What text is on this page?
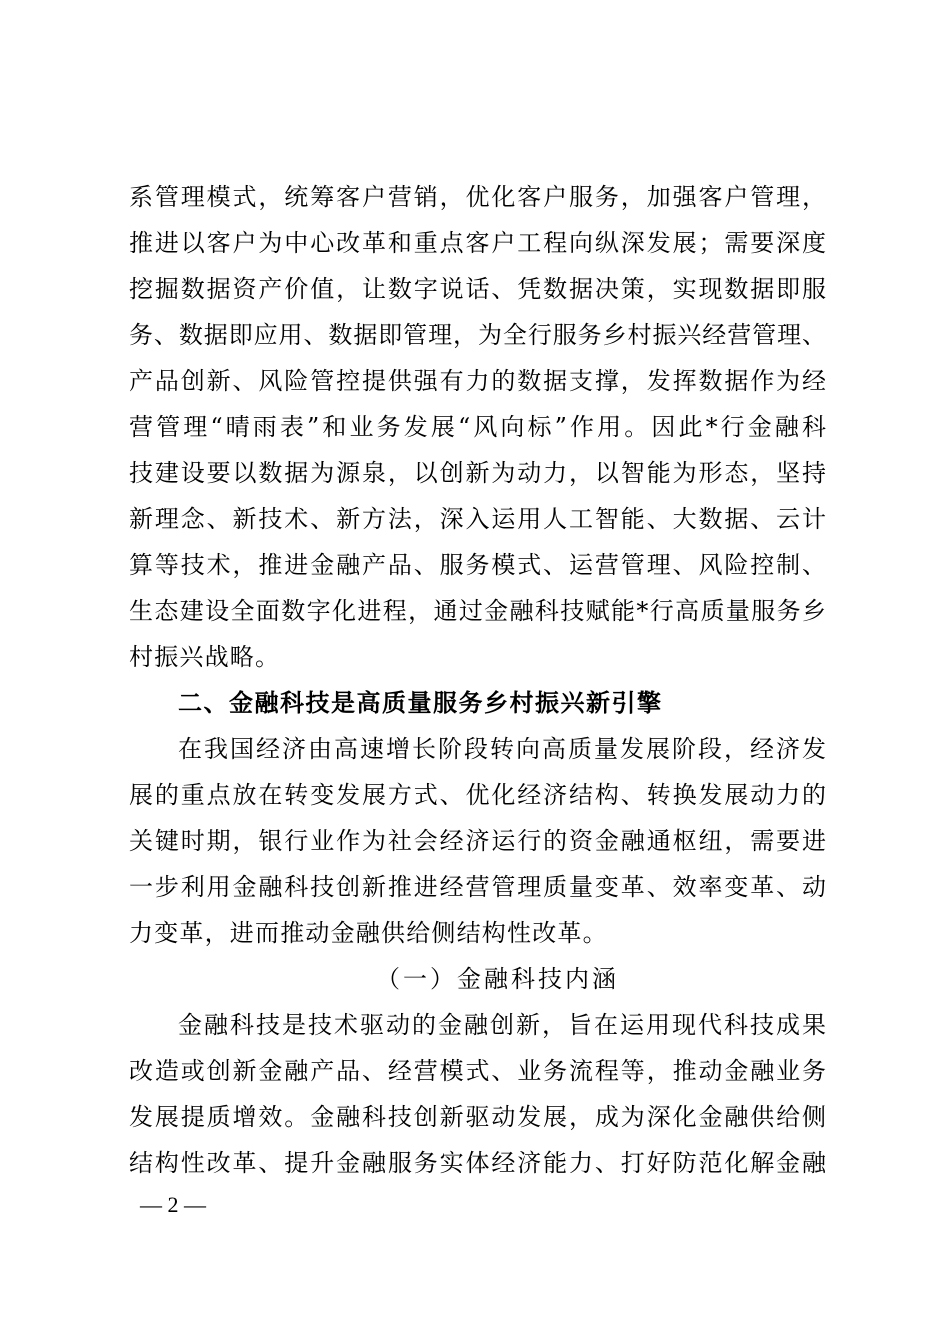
系管理模式，统筹客户营销，优化客户服务，加强客户管理，
推进以客户为中心改革和重点客户工程向纵深发展；需要深度
挖掘数据资产价值，让数字说话、凭数据决策，实现数据即服
务、数据即应用、数据即管理，为全行服务乡村振兴经营管理、
产品创新、风险管控提供强有力的数据支撑，发挥数据作为经
营管理“晴雨表”和业务发展“风向标”作用。因此*行金融科
技建设要以数据为源泉，以创新为动力，以智能为形态，坚持
新理念、新技术、新方法，深入运用人工智能、大数据、云计
算等技术，推进金融产品、服务模式、运营管理、风险控制、
生态建设全面数字化进程，通过金融科技赋能*行高质量服务乡
村振兴战略。
二、金融科技是高质量服务乡村振兴新引擎
在我国经济由高速增长阶段转向高质量发展阶段，经济发
展的重点放在转变发展方式、优化经济结构、转换发展动力的
关键时期，银行业作为社会经济运行的资金融通枢纽，需要进
一步利用金融科技创新推进经营管理质量变革、效率变革、动
力变革，进而推动金融供给侧结构性改革。
（一）金融科技内涵
金融科技是技术驱动的金融创新，旨在运用现代科技成果
改造或创新金融产品、经营模式、业务流程等，推动金融业务
发展提质增效。金融科技创新驱动发展，成为深化金融供给侧
结构性改革、提升金融服务实体经济能力、打好防范化解金融
— 2 —
